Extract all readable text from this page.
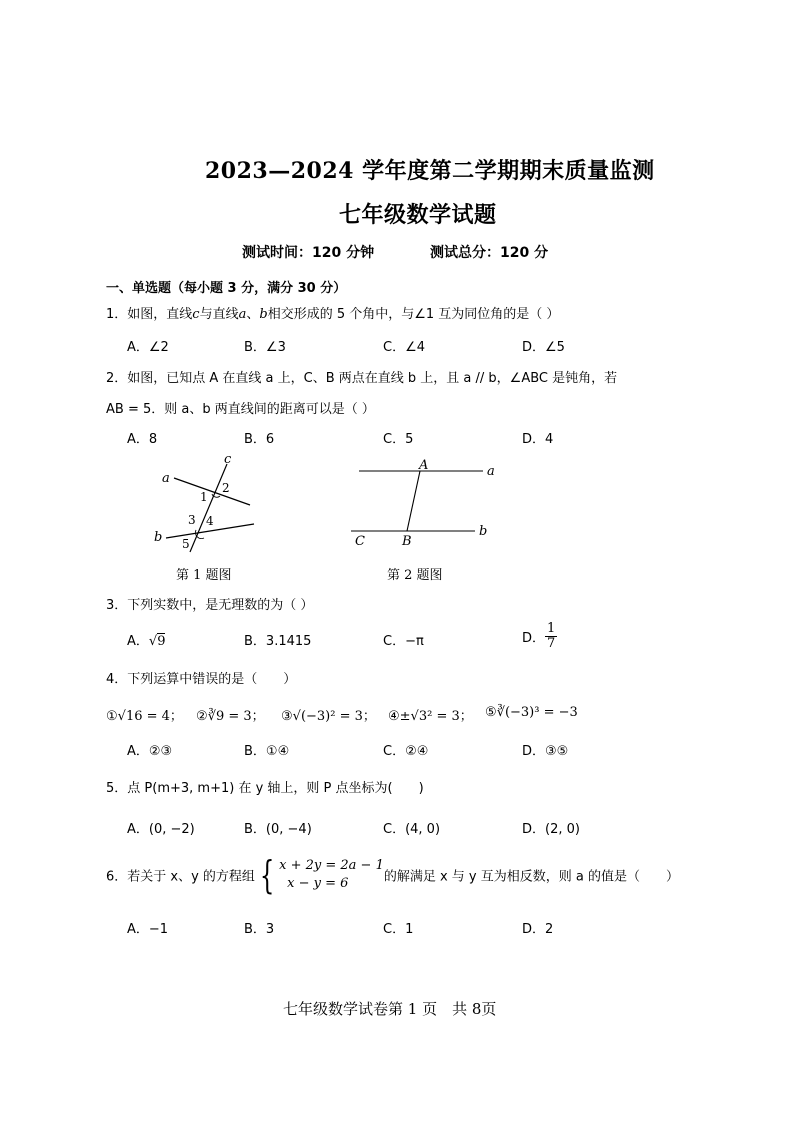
2023—2024 学年度第二学期期末质量监测
七年级数学试题
测试时间：120 分钟	测试总分：120 分
一、单选题（每小题 3 分，满分 30 分）
1．如图，直线c与直线a、b相交形成的 5 个角中，与∠1 互为同位角的是（ ）
A．∠2	B．∠3	C．∠4	D．∠5
2．如图，已知点 A 在直线 a 上，C、B 两点在直线 b 上，且 a // b，∠ABC 是钝角，若
AB = 5．则 a、b 两直线间的距离可以是（ ）
A．8	B．6	C．5	D．4
a
c
b
1
2
3 4
5
第 1 题图
A	a
C	B
b
第 2 题图
3．下列实数中，是无理数的为（ ）
A．√9	B．3.1415	C．−π	D． $\frac{1}{7}$
4．下列运算中错误的是（　　）
①√16 = 4； ②∛9 = 3； ③√(−3)² = 3； ④±√3² = 3； ⑤∛(−3)³ = −3
A．②③	B．①④	C．②④	D．③⑤
5．点 P(m+3, m+1) 在 y 轴上，则 P 点坐标为(　　)
A．(0, −2)	B．(0, −4)	C．(4, 0)	D．(2, 0)
6．若关于 x、y 的方程组 { x + 2y = 2a − 1
x − y = 6	的解满足 x 与 y 互为相反数，则 a 的值是（　　）
A．−1	B．3	C．1	D．2
七年级数学试卷第 1 页　共 8页
